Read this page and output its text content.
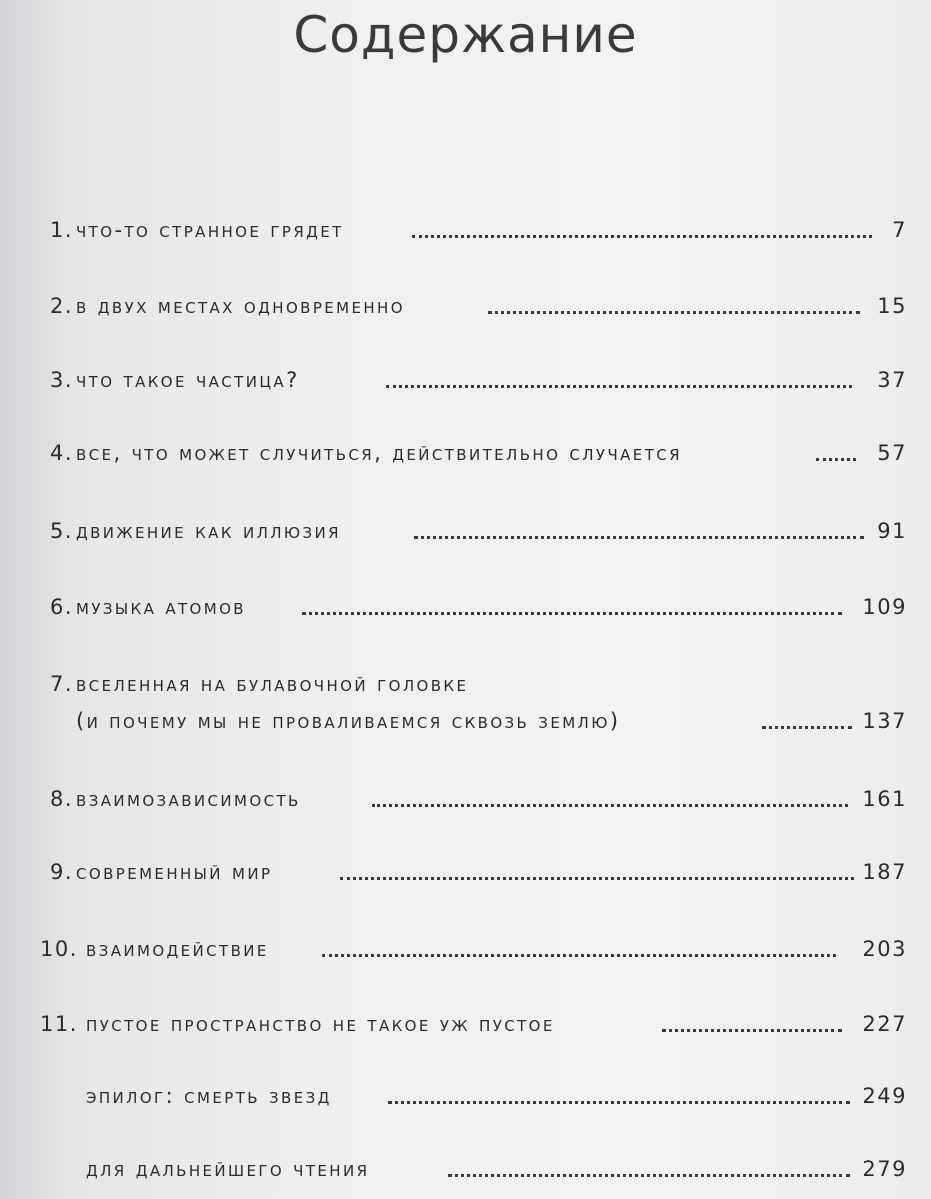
Содержание
1. что-то странное грядет	7
2. в двух местах одновременно	15
3. что такое частица?	37
4. все, что может случиться, действительно случается	57
5. движение как иллюзия	91
6. музыка атомов	109
7. вселенная на булавочной головке
(и почему мы не проваливаемся сквозь землю)	137
8. взаимозависимость	161
9. современный мир	187
10. взаимодействие	203
11. пустое пространство не такое уж пустое	227
эпилог: смерть звезд	249
для дальнейшего чтения	279
